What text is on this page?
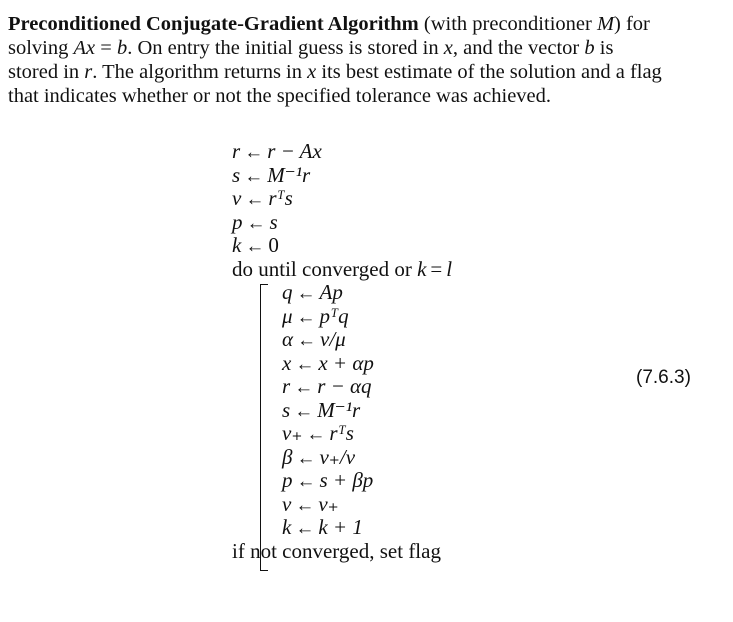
Preconditioned Conjugate-Gradient Algorithm (with preconditioner M) for
solving Ax = b. On entry the initial guess is stored in x, and the vector b is
stored in r. The algorithm returns in x its best estimate of the solution and a flag
that indicates whether or not the specified tolerance was achieved.
r ← r − Ax
s ← M⁻¹r
ν ← rᵀs
p ← s
k ← 0
do until converged or k = l
q ← Ap
μ ← pᵀq
α ← ν/μ
x ← x + αp
r ← r − αq
s ← M⁻¹r
ν₊ ← rᵀs
β ← ν₊/ν
p ← s + βp
ν ← ν₊
k ← k + 1
if not converged, set flag
(7.6.3)
